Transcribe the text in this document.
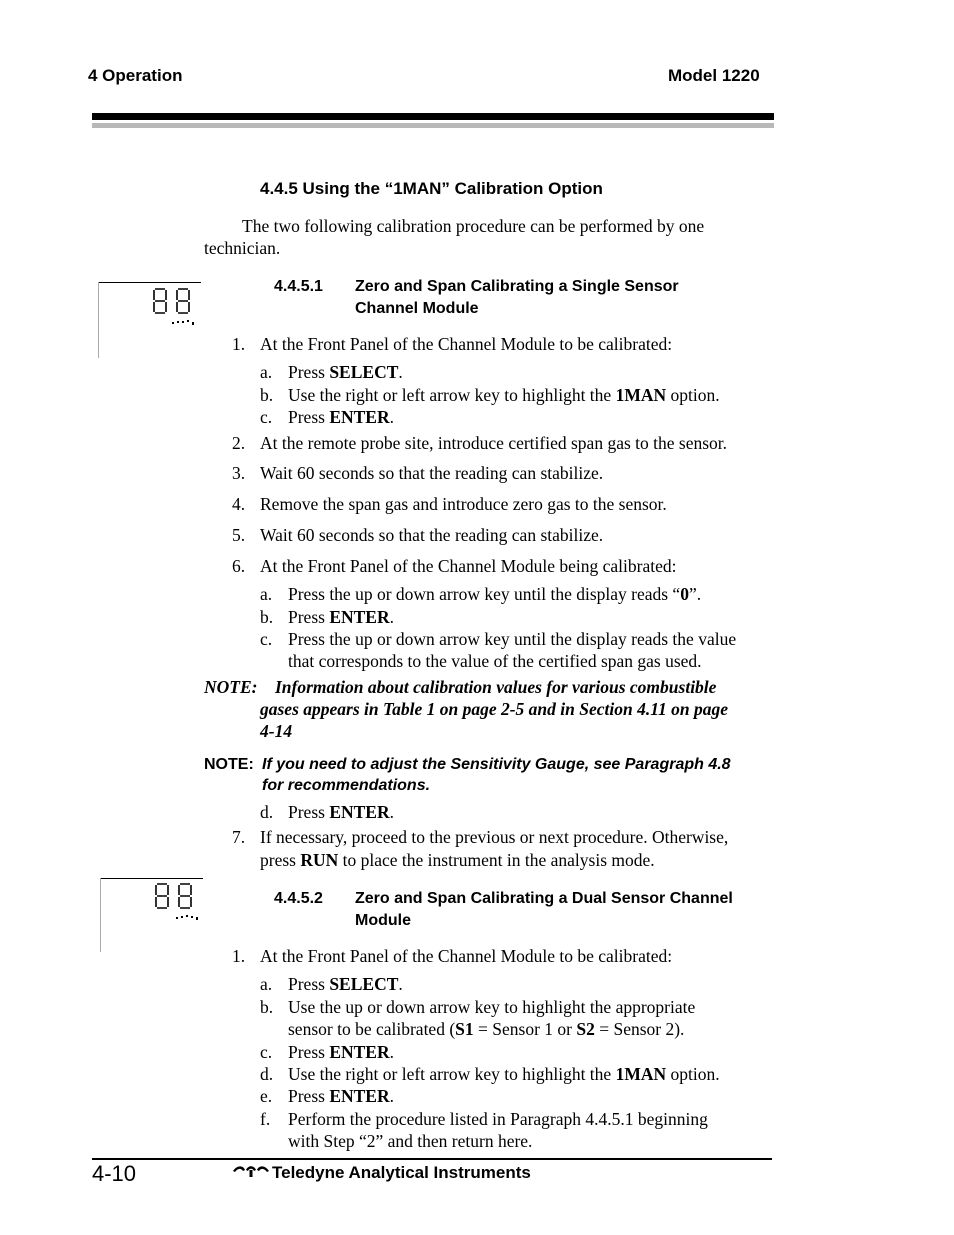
4 Operation	Model 1220
4.4.5 Using the “1MAN” Calibration Option
The two following calibration procedure can be performed by one
technician.
4.4.5.1 Zero and Span Calibrating a Single Sensor
Channel Module
1. At the Front Panel of the Channel Module to be calibrated:
a. Press SELECT.
b. Use the right or left arrow key to highlight the 1MAN option.
c. Press ENTER.
2. At the remote probe site, introduce certified span gas to the sensor.
3. Wait 60 seconds so that the reading can stabilize.
4. Remove the span gas and introduce zero gas to the sensor.
5. Wait 60 seconds so that the reading can stabilize.
6. At the Front Panel of the Channel Module being calibrated:
a. Press the up or down arrow key until the display reads “0”.
b. Press ENTER.
c. Press the up or down arrow key until the display reads the value
that corresponds to the value of the certified span gas used.
NOTE: Information about calibration values for various combustible
gases appears in Table 1 on page 2-5 and in Section 4.11 on page
4-14
NOTE: If you need to adjust the Sensitivity Gauge, see Paragraph 4.8
for recommendations.
d. Press ENTER.
7. If necessary, proceed to the previous or next procedure. Otherwise,
press RUN to place the instrument in the analysis mode.
4.4.5.2 Zero and Span Calibrating a Dual Sensor Channel
Module
1. At the Front Panel of the Channel Module to be calibrated:
a. Press SELECT.
b. Use the up or down arrow key to highlight the appropriate
sensor to be calibrated (S1 = Sensor 1 or S2 = Sensor 2).
c. Press ENTER.
d. Use the right or left arrow key to highlight the 1MAN option.
e. Press ENTER.
f.	Perform the procedure listed in Paragraph 4.4.5.1 beginning
with Step “2” and then return here.
4-10	Teledyne Analytical Instruments
